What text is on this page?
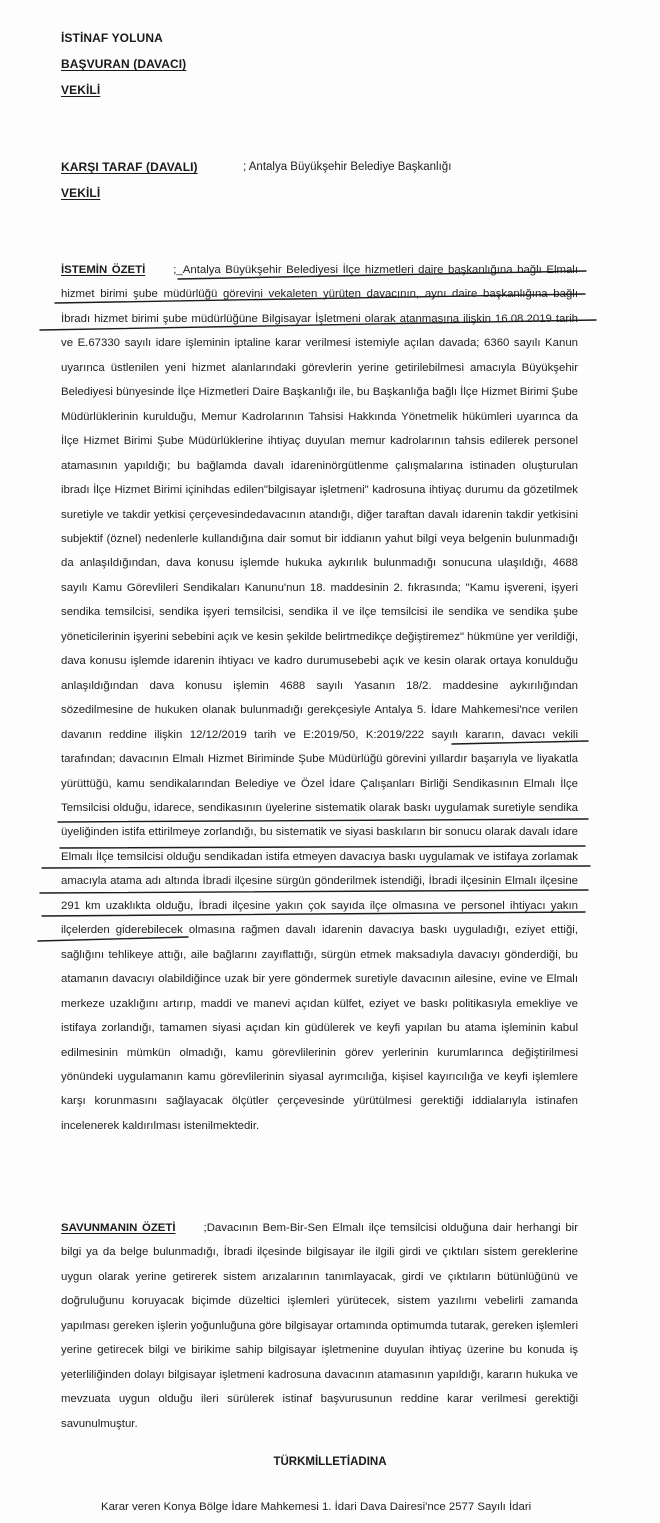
İSTİNAF YOLUNA
BAŞVURAN (DAVACI)
VEKİLİ
KARŞI TARAF (DAVALI)	; Antalya Büyükşehir Belediye Başkanlığı
VEKİLİ

İSTEMİN ÖZETİ ;_Antalya Büyükşehir Belediyesi İlçe hizmetleri daire başkanlığına bağlı Elmalı hizmet birimi şube müdürlüğü görevini vekaleten yürüten davacının, aynı daire başkanlığına bağlı İbradı hizmet birimi şube müdürlüğüne Bilgisayar İşletmeni olarak atanmasına ilişkin 16.08.2019 tarih ve E.67330 sayılı idare işleminin iptaline karar verilmesi istemiyle açılan davada; 6360 sayılı Kanun uyarınca üstlenilen yeni hizmet alanlarındaki görevlerin yerine getirilebilmesi amacıyla Büyükşehir Belediyesi bünyesinde İlçe Hizmetleri Daire Başkanlığı ile, bu Başkanlığa bağlı İlçe Hizmet Birimi Şube Müdürlüklerinin kurulduğu, Memur Kadrolarının Tahsisi Hakkında Yönetmelik hükümleri uyarınca da İlçe Hizmet Birimi Şube Müdürlüklerine ihtiyaç duyulan memur kadrolarının tahsis edilerek personel atamasının yapıldığı; bu bağlamda davalı idareninörgütlenme çalışmalarına istinaden oluşturulan ibradı İlçe Hizmet Birimi içinihdas edilen"bilgisayar işletmeni" kadrosuna ihtiyaç durumu da gözetilmek suretiyle ve takdir yetkisi çerçevesindedavacının atandığı, diğer taraftan davalı idarenin takdir yetkisini subjektif (öznel) nedenlerle kullandığına dair somut bir iddianın yahut bilgi veya belgenin bulunmadığı da anlaşıldığından, dava konusu işlemde hukuka aykırılık bulunmadığı sonucuna ulaşıldığı, 4688 sayılı Kamu Görevlileri Sendikaları Kanunu'nun 18. maddesinin 2. fıkrasında; "Kamu işvereni, işyeri sendika temsilcisi, sendika işyeri temsilcisi, sendika il ve ilçe temsilcisi ile sendika ve sendika şube yöneticilerinin işyerini sebebini açık ve kesin şekilde belirtmedikçe değiştiremez" hükmüne yer verildiği, dava konusu işlemde idarenin ihtiyacı ve kadro durumusebebi açık ve kesin olarak ortaya konulduğu anlaşıldığından dava konusu işlemin 4688 sayılı Yasanın 18/2. maddesine aykırılığından sözedilmesine de hukuken olanak bulunmadığı gerekçesiyle Antalya 5. İdare Mahkemesi'nce verilen davanın reddine ilişkin 12/12/2019 tarih ve E:2019/50, K:2019/222 sayılı kararın, davacı vekili tarafından; davacının Elmalı Hizmet Biriminde Şube Müdürlüğü görevini yıllardır başarıyla ve liyakatla yürüttüğü, kamu sendikalarından Belediye ve Özel İdare Çalışanları Birliği Sendikasının Elmalı İlçe Temsilcisi olduğu, idarece, sendikasının üyelerine sistematik olarak baskı uygulamak suretiyle sendika üyeliğinden istifa ettirilmeye zorlandığı, bu sistematik ve siyasi baskıların bir sonucu olarak davalı idare Elmalı İlçe temsilcisi olduğu sendikadan istifa etmeyen davacıya baskı uygulamak ve istifaya zorlamak amacıyla atama adı altında İbradi ilçesine sürgün gönderilmek istendiği, İbradi ilçesinin Elmalı ilçesine 291 km uzaklıkta olduğu, İbradi ilçesine yakın çok sayıda ilçe olmasına ve personel ihtiyacı yakın ilçelerden giderebilecek olmasına rağmen davalı idarenin davacıya baskı uyguladığı, eziyet ettiği, sağlığını tehlikeye attığı, aile bağlarını zayıflattığı, sürgün etmek maksadıyla davacıyı gönderdiği, bu atamanın davacıyı olabildiğince uzak bir yere göndermek suretiyle davacının ailesine, evine ve Elmalı merkeze uzaklığını artırıp, maddi ve manevi açıdan külfet, eziyet ve baskı politikasıyla emekliye ve istifaya zorlandığı, tamamen siyasi açıdan kin güdülerek ve keyfi yapılan bu atama işleminin kabul edilmesinin mümkün olmadığı, kamu görevlilerinin görev yerlerinin kurumlarınca değiştirilmesi yönündeki uygulamanın kamu görevlilerinin siyasal ayrımcılığa, kişisel kayırıcılığa ve keyfi işlemlere karşı korunmasını sağlayacak ölçütler çerçevesinde yürütülmesi gerektiği iddialarıyla istinafen incelenerek kaldırılması istenilmektedir.

SAVUNMANIN ÖZETİ ;Davacının Bem-Bir-Sen Elmalı ilçe temsilcisi olduğuna dair herhangi bir bilgi ya da belge bulunmadığı, İbradi ilçesinde bilgisayar ile ilgili girdi ve çıktıları sistem gereklerine uygun olarak yerine getirerek sistem arızalarının tanımlayacak, girdi ve çıktıların bütünlüğünü ve doğruluğunu koruyacak biçimde düzeltici işlemleri yürütecek, sistem yazılımı vebelirli zamanda yapılması gereken işlerin yoğunluğuna göre bilgisayar ortamında optimumda tutarak, gereken işlemleri yerine getirecek bilgi ve birikime sahip bilgisayar işletmenine duyulan ihtiyaç üzerine bu konuda iş yeterliliğinden dolayı bilgisayar işletmeni kadrosuna davacının atamasının yapıldığı, kararın hukuka ve mevzuata uygun olduğu ileri sürülerek istinaf başvurusunun reddine karar verilmesi gerektiği savunulmuştur.

TÜRKMİLLETİADINA

Karar veren Konya Bölge İdare Mahkemesi 1. İdari Dava Dairesi'nce 2577 Sayılı İdari
